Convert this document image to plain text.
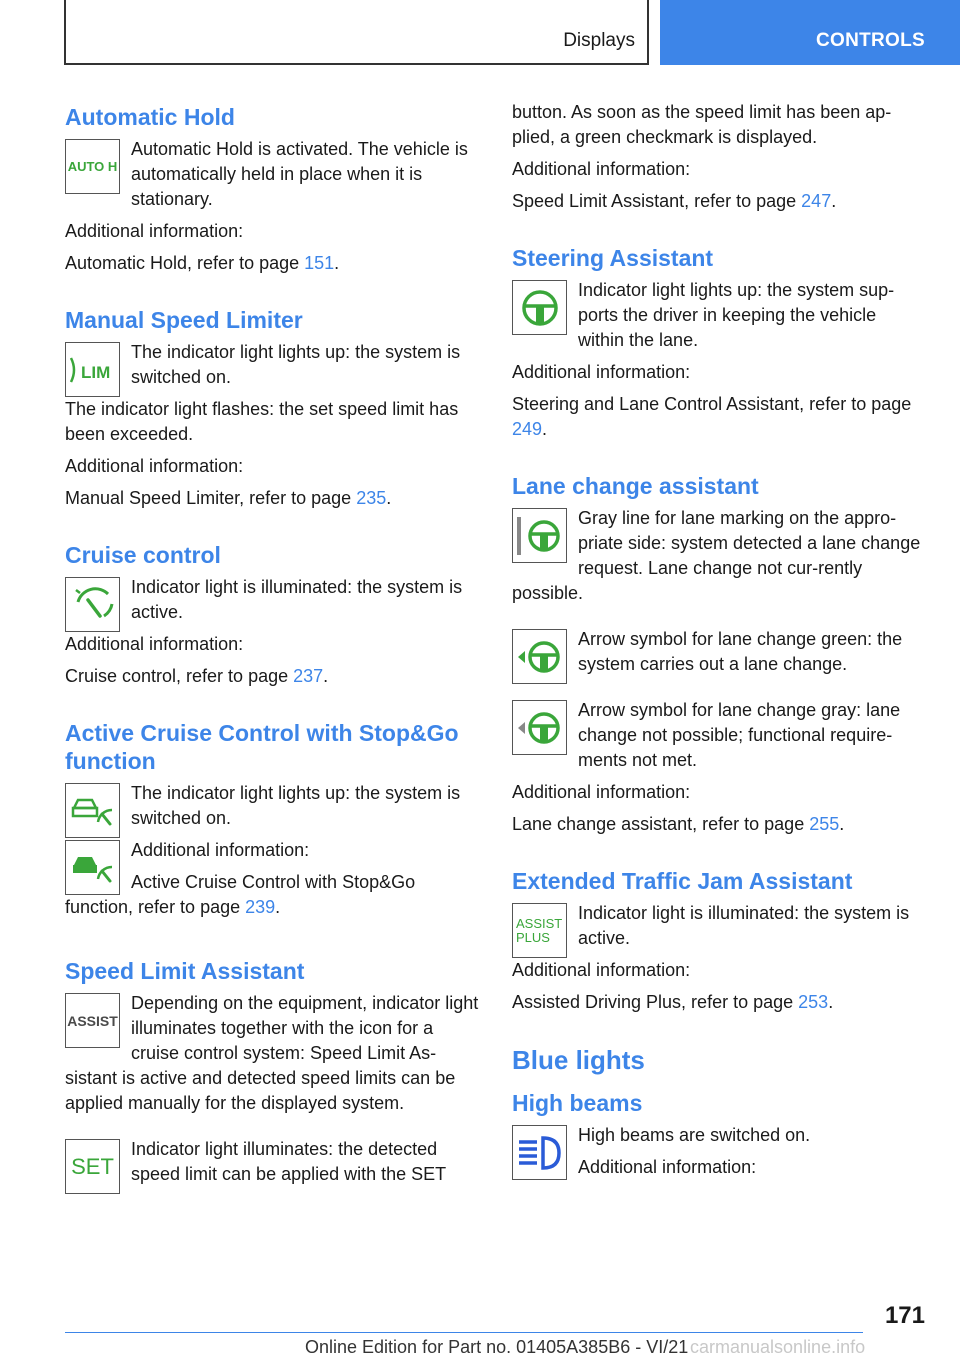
Displays	CONTROLS
Automatic Hold
AUTO H

Automatic Hold is activated. The vehicle is automatically held in place when it is stationary.

Additional information:

Automatic Hold, refer to page 151.

Manual Speed Limiter
LIM

The indicator light lights up: the system is switched on.

The indicator light flashes: the set speed limit has been exceeded.

Additional information:

Manual Speed Limiter, refer to page 235.

Cruise control

Indicator light is illuminated: the system is active.

Additional information:

Cruise control, refer to page 237.

Active Cruise Control with Stop&Go function

The indicator light lights up: the system is switched on.

Additional information:

Active Cruise Control with Stop&Go function, refer to page 239.

Speed Limit Assistant
ASSIST

Depending on the equipment, indicator light illuminates together with the icon for a cruise control system: Speed Limit As-sistant is active and detected speed limits can be applied manually for the displayed system.

SET

Indicator light illuminates: the detected speed limit can be applied with the SET

button. As soon as the speed limit has been ap-plied, a green checkmark is displayed.

Additional information:

Speed Limit Assistant, refer to page 247.

Steering Assistant

Indicator light lights up: the system sup-ports the driver in keeping the vehicle within the lane.

Additional information:

Steering and Lane Control Assistant, refer to page 249.

Lane change assistant

Gray line for lane marking on the appro-priate side: system detected a lane change request. Lane change not cur-rently possible.

Arrow symbol for lane change green: the system carries out a lane change.

Arrow symbol for lane change gray: lane change not possible; functional require-ments not met.

Additional information:

Lane change assistant, refer to page 255.

Extended Traffic Jam Assistant
ASSIST
PLUS

Indicator light is illuminated: the system is active.

Additional information:

Assisted Driving Plus, refer to page 253.

Blue lights
High beams

High beams are switched on.

Additional information:

171
Online Edition for Part no. 01405A385B6 - VI/21 carmanualsonline.info
